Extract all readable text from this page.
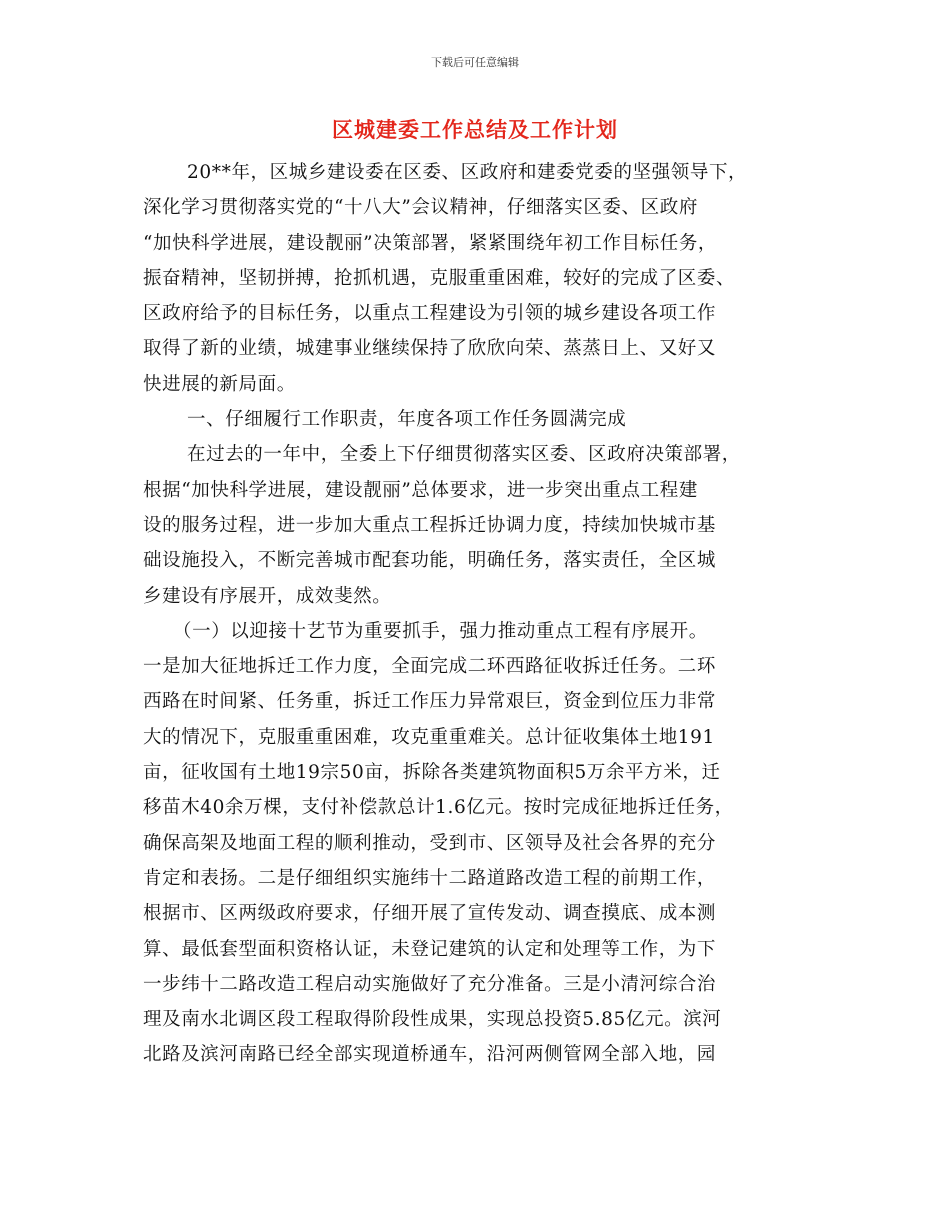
下载后可任意编辑
区城建委工作总结及工作计划
20**年，区城乡建设委在区委、区政府和建委党委的坚强领导下，
深化学习贯彻落实党的“十八大”会议精神，仔细落实区委、区政府
“加快科学进展，建设靓丽”决策部署，紧紧围绕年初工作目标任务，
振奋精神，坚韧拼搏，抢抓机遇，克服重重困难，较好的完成了区委、
区政府给予的目标任务，以重点工程建设为引领的城乡建设各项工作
取得了新的业绩，城建事业继续保持了欣欣向荣、蒸蒸日上、又好又
快进展的新局面。
一、仔细履行工作职责，年度各项工作任务圆满完成
在过去的一年中，全委上下仔细贯彻落实区委、区政府决策部署，
根据“加快科学进展，建设靓丽”总体要求，进一步突出重点工程建
设的服务过程，进一步加大重点工程拆迁协调力度，持续加快城市基
础设施投入，不断完善城市配套功能，明确任务，落实责任，全区城
乡建设有序展开，成效斐然。
（一）以迎接十艺节为重要抓手，强力推动重点工程有序展开。
一是加大征地拆迁工作力度，全面完成二环西路征收拆迁任务。二环
西路在时间紧、任务重，拆迁工作压力异常艰巨，资金到位压力非常
大的情况下，克服重重困难，攻克重重难关。总计征收集体土地191
亩，征收国有土地19宗50亩，拆除各类建筑物面积5万余平方米，迁
移苗木40余万棵，支付补偿款总计1.6亿元。按时完成征地拆迁任务，
确保高架及地面工程的顺利推动，受到市、区领导及社会各界的充分
肯定和表扬。二是仔细组织实施纬十二路道路改造工程的前期工作，
根据市、区两级政府要求，仔细开展了宣传发动、调查摸底、成本测
算、最低套型面积资格认证，未登记建筑的认定和处理等工作，为下
一步纬十二路改造工程启动实施做好了充分准备。三是小清河综合治
理及南水北调区段工程取得阶段性成果，实现总投资5.85亿元。滨河
北路及滨河南路已经全部实现道桥通车，沿河两侧管网全部入地，园
